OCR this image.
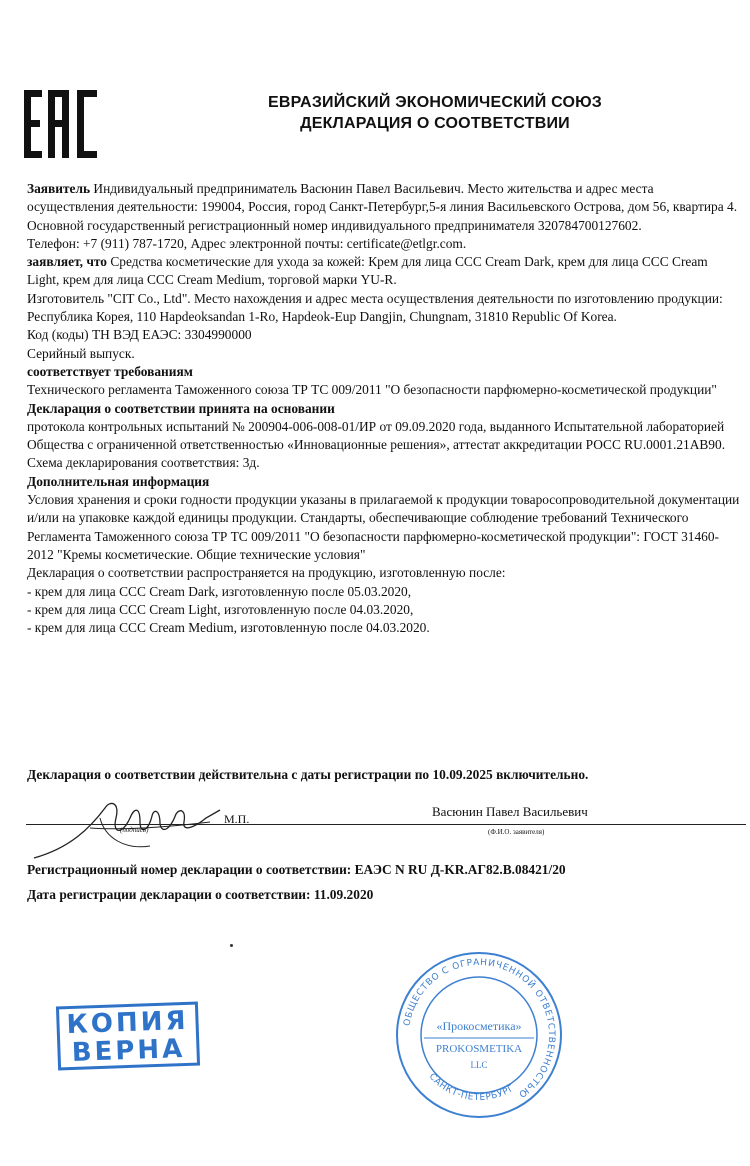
ЕВРАЗИЙСКИЙ ЭКОНОМИЧЕСКИЙ СОЮЗ
ДЕКЛАРАЦИЯ О СООТВЕТСТВИИ

Заявитель Индивидуальный предприниматель Васюнин Павел Васильевич. Место жительства и адрес места осуществления деятельности: 199004, Россия, город Санкт-Петербург,5-я линия Васильевского Острова, дом 56, квартира 4.

Основной государственный регистрационный номер индивидуального предпринимателя 320784700127602.

Телефон: +7 (911) 787-1720, Адрес электронной почты: certificate@etlgr.com.

заявляет, что Средства косметические для ухода за кожей: Крем для лица CCC Cream Dark, крем для лица CCC Cream Light, крем для лица CCC Cream Medium, торговой марки YU-R.

Изготовитель "CIT Co., Ltd". Место нахождения и адрес места осуществления деятельности по изготовлению продукции: Республика Корея, 110 Hapdeoksandan 1-Ro, Hapdeok-Eup Dangjin, Chungnam, 31810 Republic Of Korea.

Код (коды) ТН ВЭД ЕАЭС: 3304990000

Серийный выпуск.

соответствует требованиям

Технического регламента Таможенного союза ТР ТС 009/2011 "О безопасности парфюмерно-косметической продукции"

Декларация о соответствии принята на основании

протокола контрольных испытаний № 200904-006-008-01/ИР от 09.09.2020 года, выданного Испытательной лабораторией Общества с ограниченной ответственностью «Инновационные решения», аттестат аккредитации РОСС RU.0001.21АВ90.

Схема декларирования соответствия: 3д.

Дополнительная информация

Условия хранения и сроки годности продукции указаны в прилагаемой к продукции товаросопроводительной документации и/или на упаковке каждой единицы продукции. Стандарты, обеспечивающие соблюдение требований Технического Регламента Таможенного союза ТР ТС 009/2011 "О безопасности парфюмерно-косметической продукции": ГОСТ 31460-2012 "Кремы косметические. Общие технические условия"

Декларация о соответствии распространяется на продукцию, изготовленную после:

- крем для лица CCC Cream Dark, изготовленную после 05.03.2020,

- крем для лица CCC Cream Light, изготовленную после 04.03.2020,

- крем для лица CCC Cream Medium, изготовленную после 04.03.2020.

Декларация о соответствии действительна с даты регистрации по 10.09.2025 включительно.
(подпись)
М.П.	Васюнин Павел Васильевич
(Ф.И.О. заявителя)
Регистрационный номер декларации о соответствии: ЕАЭС N RU Д-KR.АГ82.В.08421/20
Дата регистрации декларации о соответствии: 11.09.2020
КОПИЯ
ВЕРНА
ОБЩЕСТВО С ОГРАНИЧЕННОЙ ОТВЕТСТВЕННОСТЬЮ
САНКТ-ПЕТЕРБУРГ
«Прокосметика»
PROKOSMETIKA
LLC
